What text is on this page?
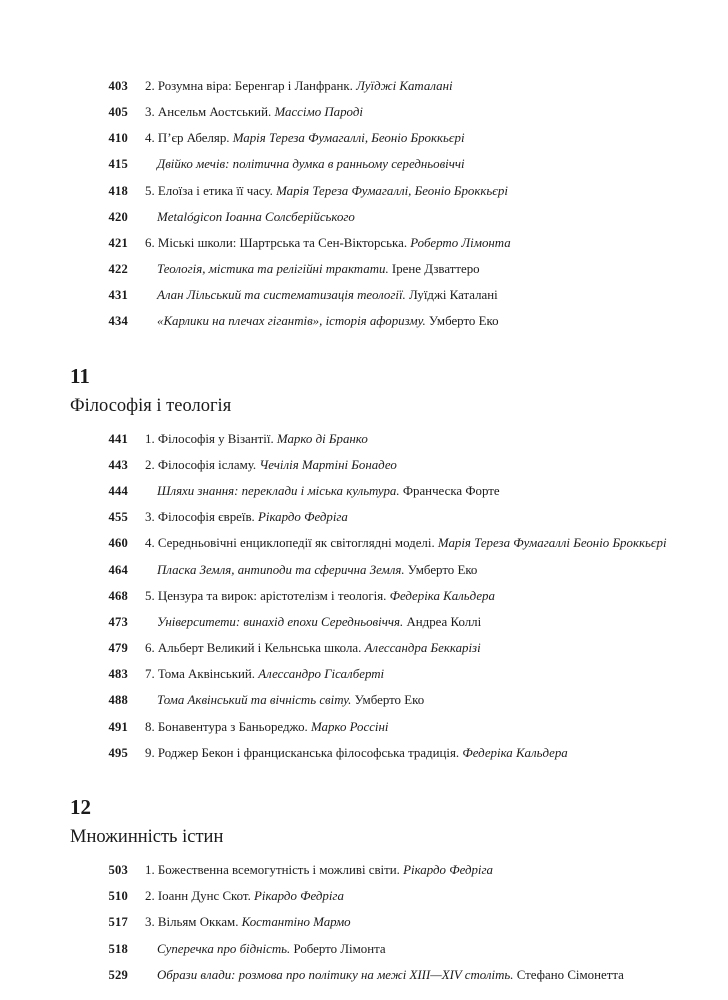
403	2. Розумна віра: Беренгар і Ланфранк. Луїджі Каталані
405	3. Ансельм Аостський. Массімо Пароді
410	4. П’єр Абеляр. Марія Тереза Фумагаллі, Беоніо Броккьєрі
415	Двійко мечів: політична думка в ранньому середньовіччі
418	5. Елоїза і етика її часу. Марія Тереза Фумагаллі, Беоніо Броккьєрі
420	Metalógicon Іоанна Солсберійського
421	6. Міські школи: Шартрська та Сен-Вікторська. Роберто Лімонта
422	Теологія, містика та релігійні трактати. Ірене Дзваттеро
431	Алан Лільський та систематизація теології. Луїджі Каталані
434	«Карлики на плечах гігантів», історія афоризму. Умберто Еко
11
Філософія і теологія
441	1. Філософія у Візантії. Марко ді Бранко
443	2. Філософія ісламу. Чечілія Мартіні Бонадео
444	Шляхи знання: переклади і міська культура. Франческа Форте
455	3. Філософія євреїв. Рікардо Федріга
460	4. Середньовічні енциклопедії як світоглядні моделі. Марія Тереза Фумагаллі Беоніо Броккьєрі
464	Пласка Земля, антиподи та сферична Земля. Умберто Еко
468	5. Цензура та вирок: арістотелізм і теологія. Федеріка Кальдера
473	Університети: винахід епохи Середньовіччя. Андреа Коллі
479	6. Альберт Великий і Кельнська школа. Алессандра Беккарізі
483	7. Тома Аквінський. Алессандро Гісалберті
488	Тома Аквінський та вічність світу. Умберто Еко
491	8. Бонавентура з Баньореджо. Марко Россіні
495	9. Роджер Бекон і францисканська філософська традиція. Федеріка Кальдера
12
Множинність істин
503	1. Божественна всемогутність і можливі світи. Рікардо Федріга
510	2. Іоанн Дунс Скот. Рікардо Федріга
517	3. Вільям Оккам. Костантіно Мармо
518	Суперечка про бідність. Роберто Лімонта
529	Образи влади: розмова про політику на межі XIII—XIV століть. Стефано Сімонетта
